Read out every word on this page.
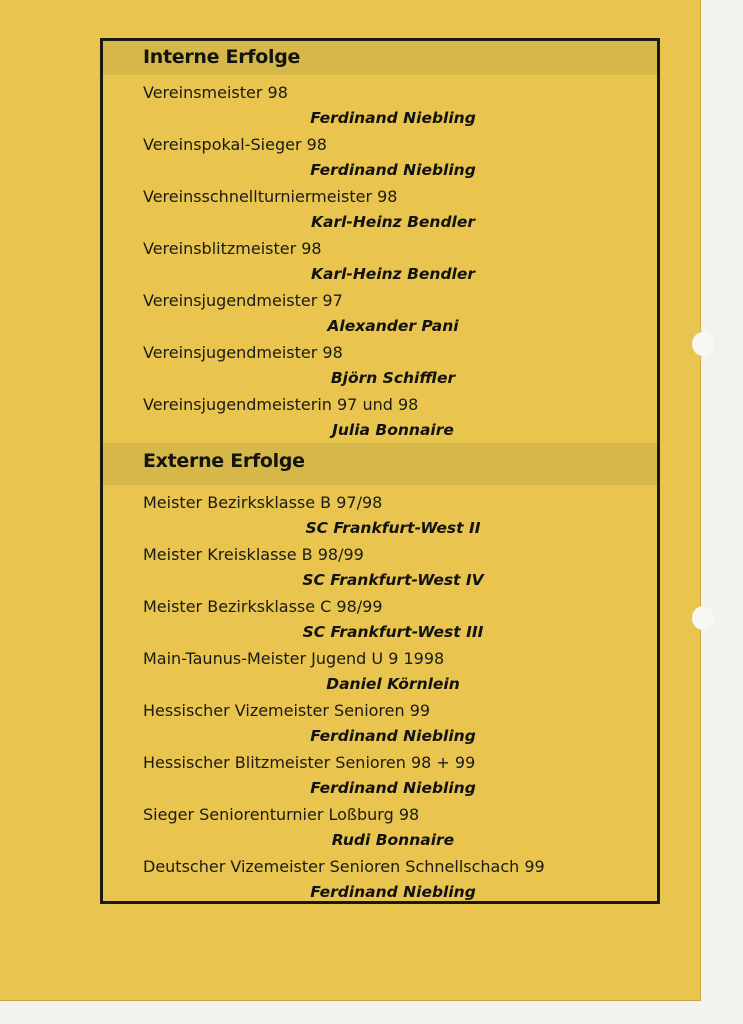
Interne Erfolge
Vereinsmeister 98
Ferdinand Niebling
Vereinspokal-Sieger 98
Ferdinand Niebling
Vereinsschnellturniermeister 98
Karl-Heinz Bendler
Vereinsblitzmeister 98
Karl-Heinz Bendler
Vereinsjugendmeister 97
Alexander Pani
Vereinsjugendmeister 98
Björn Schiffler
Vereinsjugendmeisterin 97 und 98
Julia Bonnaire
Externe Erfolge
Meister Bezirksklasse B 97/98
SC Frankfurt-West II
Meister Kreisklasse B 98/99
SC Frankfurt-West IV
Meister Bezirksklasse C 98/99
SC Frankfurt-West III
Main-Taunus-Meister Jugend U 9 1998
Daniel Körnlein
Hessischer Vizemeister Senioren 99
Ferdinand Niebling
Hessischer Blitzmeister Senioren 98 + 99
Ferdinand Niebling
Sieger Seniorenturnier Loßburg 98
Rudi Bonnaire
Deutscher Vizemeister Senioren Schnellschach 99
Ferdinand Niebling
